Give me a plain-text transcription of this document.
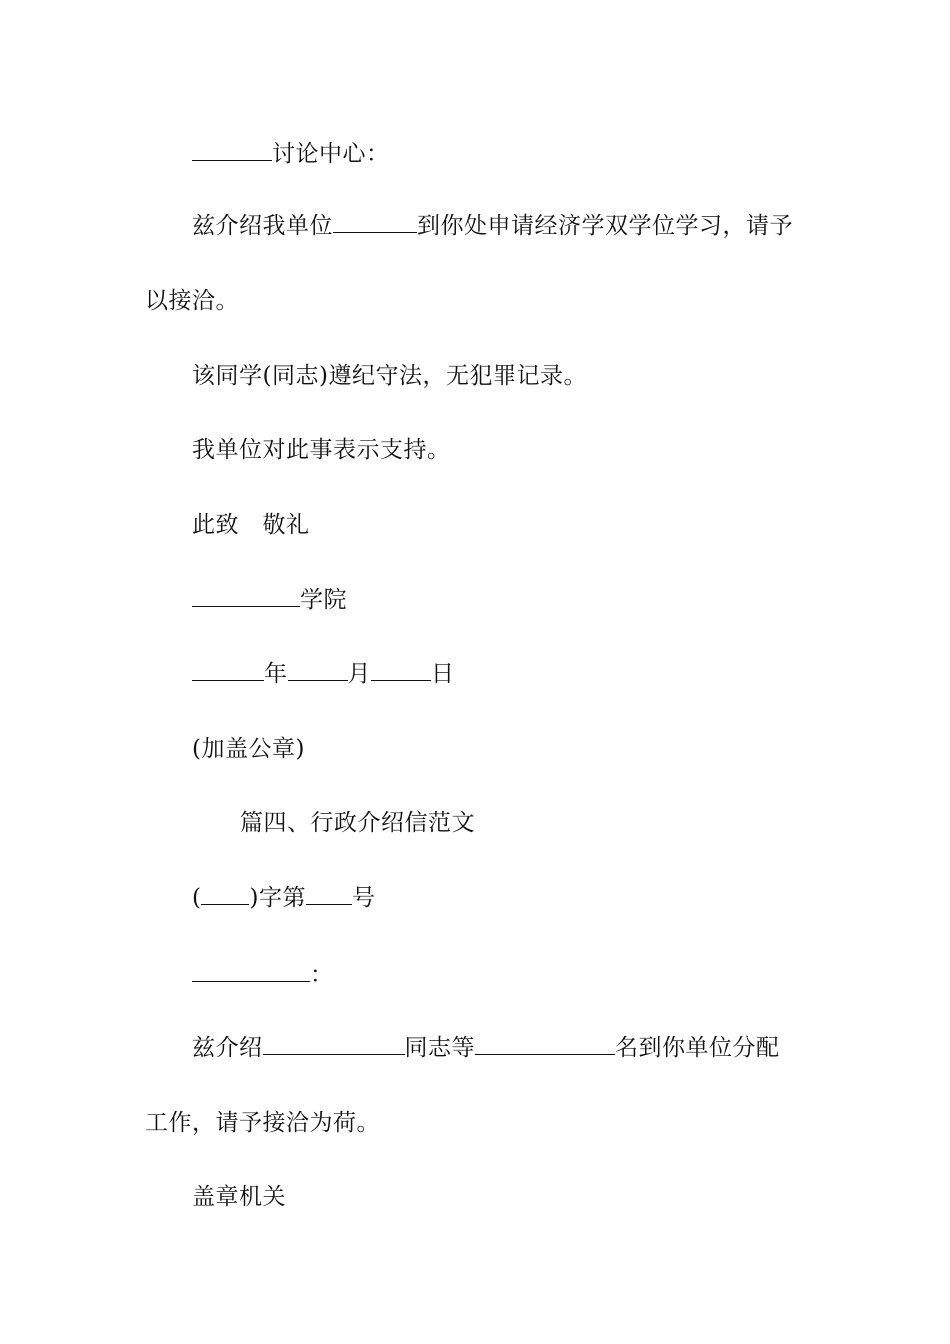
讨论中心：
兹介绍我单位	到你处申请经济学双学位学习，请予
以接洽。
该同学(同志)遵纪守法，无犯罪记录。
我单位对此事表示支持。
此致　敬礼
学院
年	月	日
(加盖公章)
篇四、行政介绍信范文
( )字第 号
：
兹介绍	同志等	名到你单位分配
工作，请予接洽为荷。
盖章机关
